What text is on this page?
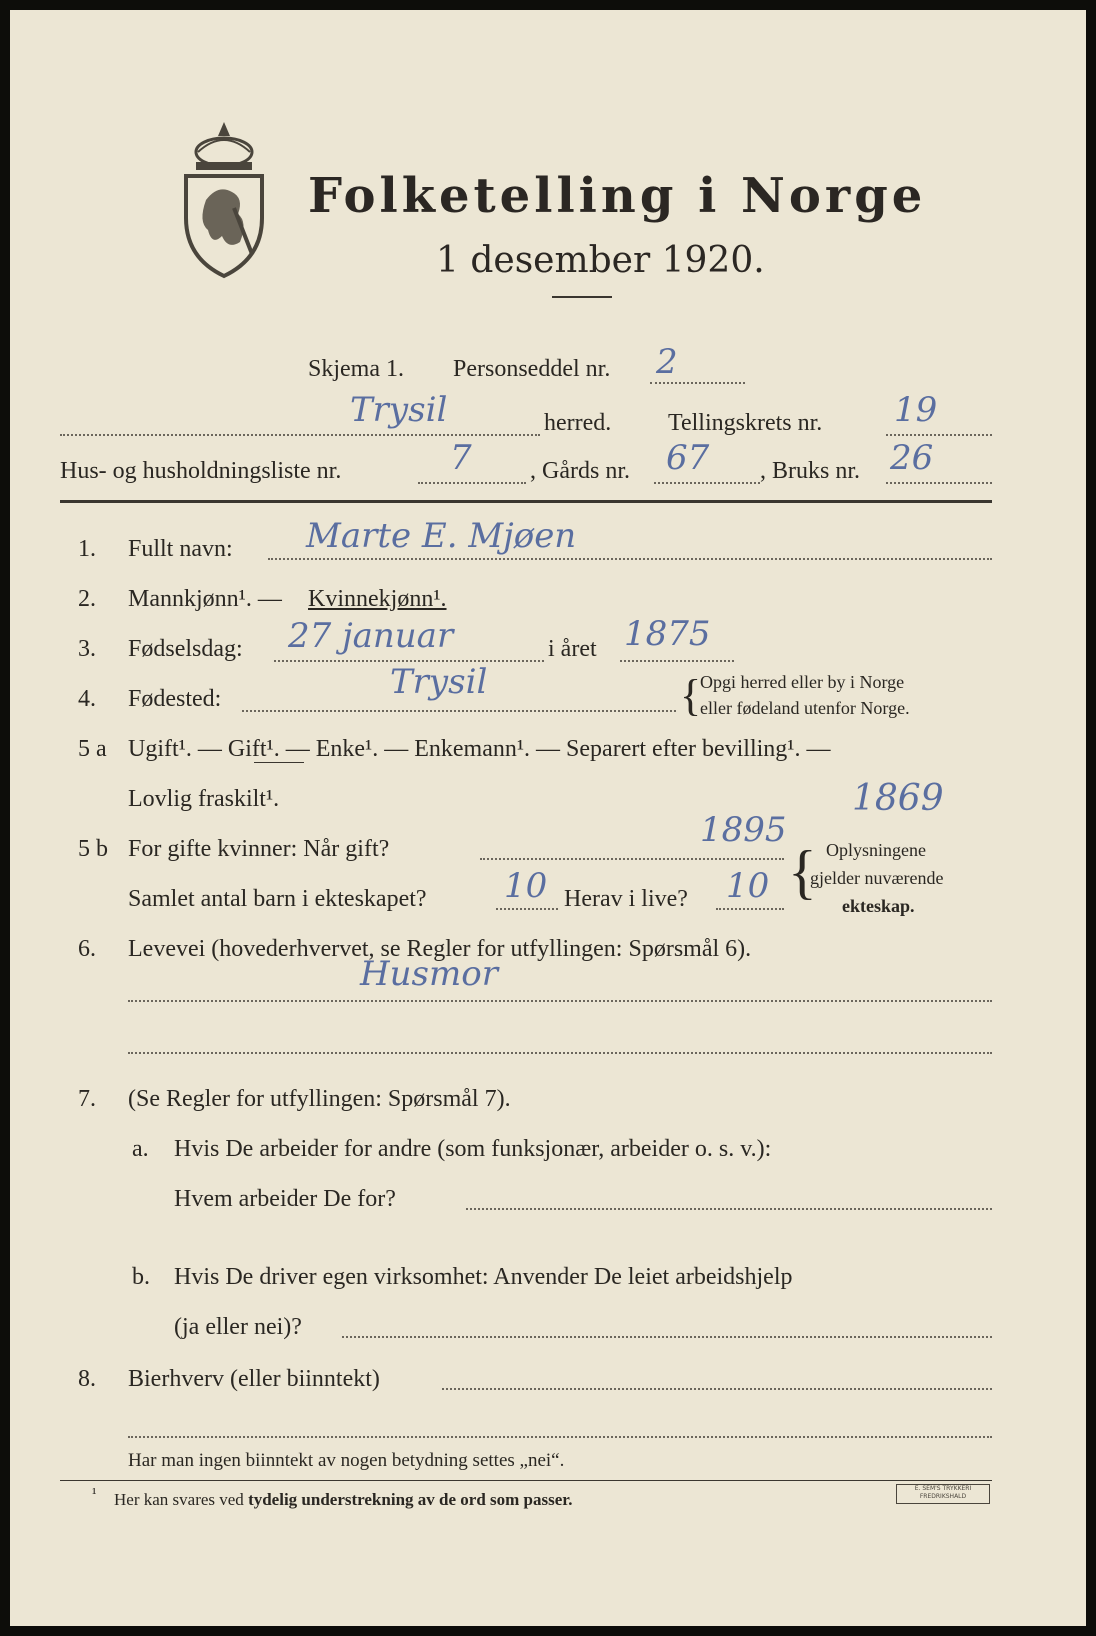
Folketelling i Norge
1 desember 1920.
Skjema 1. Personseddel nr. 2
Trysil	herred. Tellingskrets nr. 19
Hus- og husholdningsliste nr.	7 , Gårds nr. 67 , Bruks nr. 26
1. Fullt navn: Marte E. Mjøen
2. Mannkjønn¹. — Kvinnekjønn¹.
3. Fødselsdag: 27 januar	i året 1875
4. Fødested:	Trysil	{
Opgi herred eller by i Norge
eller fødeland utenfor Norge.
5 a Ugift¹. — Gift¹. — Enke¹. — Enkemann¹. — Separert efter bevilling¹. —
Lovlig fraskilt¹.	1869
5 b For gifte kvinner: Når gift?	1895
Samlet antal barn i ekteskapet? 10 Herav i live? 10 { Oplysningene
gjelder nuværende
ekteskap.
6. Levevei (hovederhvervet, se Regler for utfyllingen: Spørsmål 6).
Husmor
7. (Se Regler for utfyllingen: Spørsmål 7).
a. Hvis De arbeider for andre (som funksjonær, arbeider o. s. v.):
Hvem arbeider De for?
b. Hvis De driver egen virksomhet: Anvender De leiet arbeidshjelp
(ja eller nei)?
8. Bierhverv (eller biinntekt)
Har man ingen biinntekt av nogen betydning settes „nei“.
¹ Her kan svares ved tydelig understrekning av de ord som passer.
E. SEM'S TRYKKERI FREDRIKSHALD
